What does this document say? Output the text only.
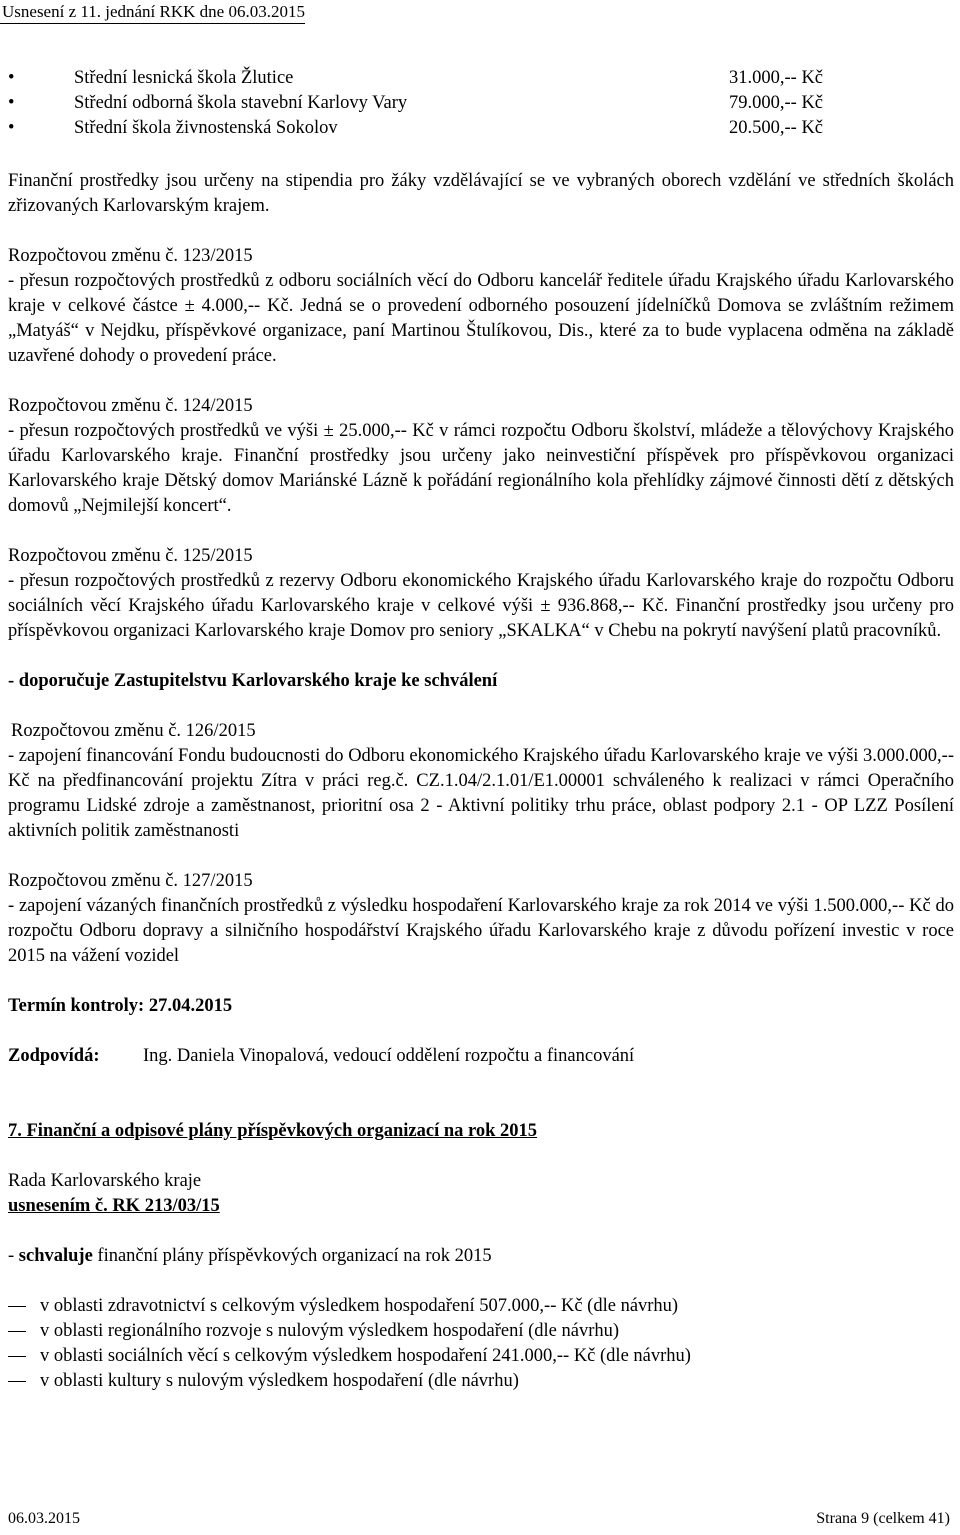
Usnesení z 11. jednání RKK dne 06.03.2015
•	Střední lesnická škola Žlutice	31.000,-- Kč
•	Střední odborná škola stavební Karlovy Vary	79.000,-- Kč
•	Střední škola živnostenská Sokolov	20.500,-- Kč

Finanční prostředky jsou určeny na stipendia pro žáky vzdělávající se ve vybraných oborech vzdělání ve středních školách zřizovaných Karlovarským krajem.

Rozpočtovou změnu č. 123/2015

- přesun rozpočtových prostředků z odboru sociálních věcí do Odboru kancelář ředitele úřadu Krajského úřadu Karlovarského kraje v celkové částce ± 4.000,-- Kč. Jedná se o provedení odborného posouzení jídelníčků Domova se zvláštním režimem „Matyáš“ v Nejdku, příspěvkové organizace, paní Martinou Štulíkovou, Dis., které za to bude vyplacena odměna na základě uzavřené dohody o provedení práce.

Rozpočtovou změnu č. 124/2015

- přesun rozpočtových prostředků ve výši ± 25.000,-- Kč v rámci rozpočtu Odboru školství, mládeže a tělovýchovy Krajského úřadu Karlovarského kraje. Finanční prostředky jsou určeny jako neinvestiční příspěvek pro příspěvkovou organizaci Karlovarského kraje Dětský domov Mariánské Lázně k pořádání regionálního kola přehlídky zájmové činnosti dětí z dětských domovů „Nejmilejší koncert“.

Rozpočtovou změnu č. 125/2015

- přesun rozpočtových prostředků z rezervy Odboru ekonomického Krajského úřadu Karlovarského kraje do rozpočtu Odboru sociálních věcí Krajského úřadu Karlovarského kraje v celkové výši ± 936.868,-- Kč. Finanční prostředky jsou určeny pro příspěvkovou organizaci Karlovarského kraje Domov pro seniory „SKALKA“ v Chebu na pokrytí navýšení platů pracovníků.

- doporučuje Zastupitelstvu Karlovarského kraje ke schválení

Rozpočtovou změnu č. 126/2015

- zapojení financování Fondu budoucnosti do Odboru ekonomického Krajského úřadu Karlovarského kraje ve výši 3.000.000,-- Kč na předfinancování projektu Zítra v práci reg.č. CZ.1.04/2.1.01/E1.00001 schváleného k realizaci v rámci Operačního programu Lidské zdroje a zaměstnanost, prioritní osa 2 - Aktivní politiky trhu práce, oblast podpory 2.1 - OP LZZ Posílení aktivních politik zaměstnanosti

Rozpočtovou změnu č. 127/2015

- zapojení vázaných finančních prostředků z výsledku hospodaření Karlovarského kraje za rok 2014 ve výši 1.500.000,-- Kč do rozpočtu Odboru dopravy a silničního hospodářství Krajského úřadu Karlovarského kraje z důvodu pořízení investic v roce 2015 na vážení vozidel

Termín kontroly: 27.04.2015

Zodpovídá: Ing. Daniela Vinopalová, vedoucí oddělení rozpočtu a financování

7. Finanční a odpisové plány příspěvkových organizací na rok 2015

Rada Karlovarského kraje

usnesením č. RK 213/03/15

- schvaluje finanční plány příspěvkových organizací na rok 2015

v oblasti zdravotnictví s celkovým výsledkem hospodaření 507.000,-- Kč (dle návrhu)
v oblasti regionálního rozvoje s nulovým výsledkem hospodaření (dle návrhu)
v oblasti sociálních věcí s celkovým výsledkem hospodaření 241.000,-- Kč (dle návrhu)
v oblasti kultury s nulovým výsledkem hospodaření (dle návrhu)
06.03.2015	Strana 9 (celkem 41)
